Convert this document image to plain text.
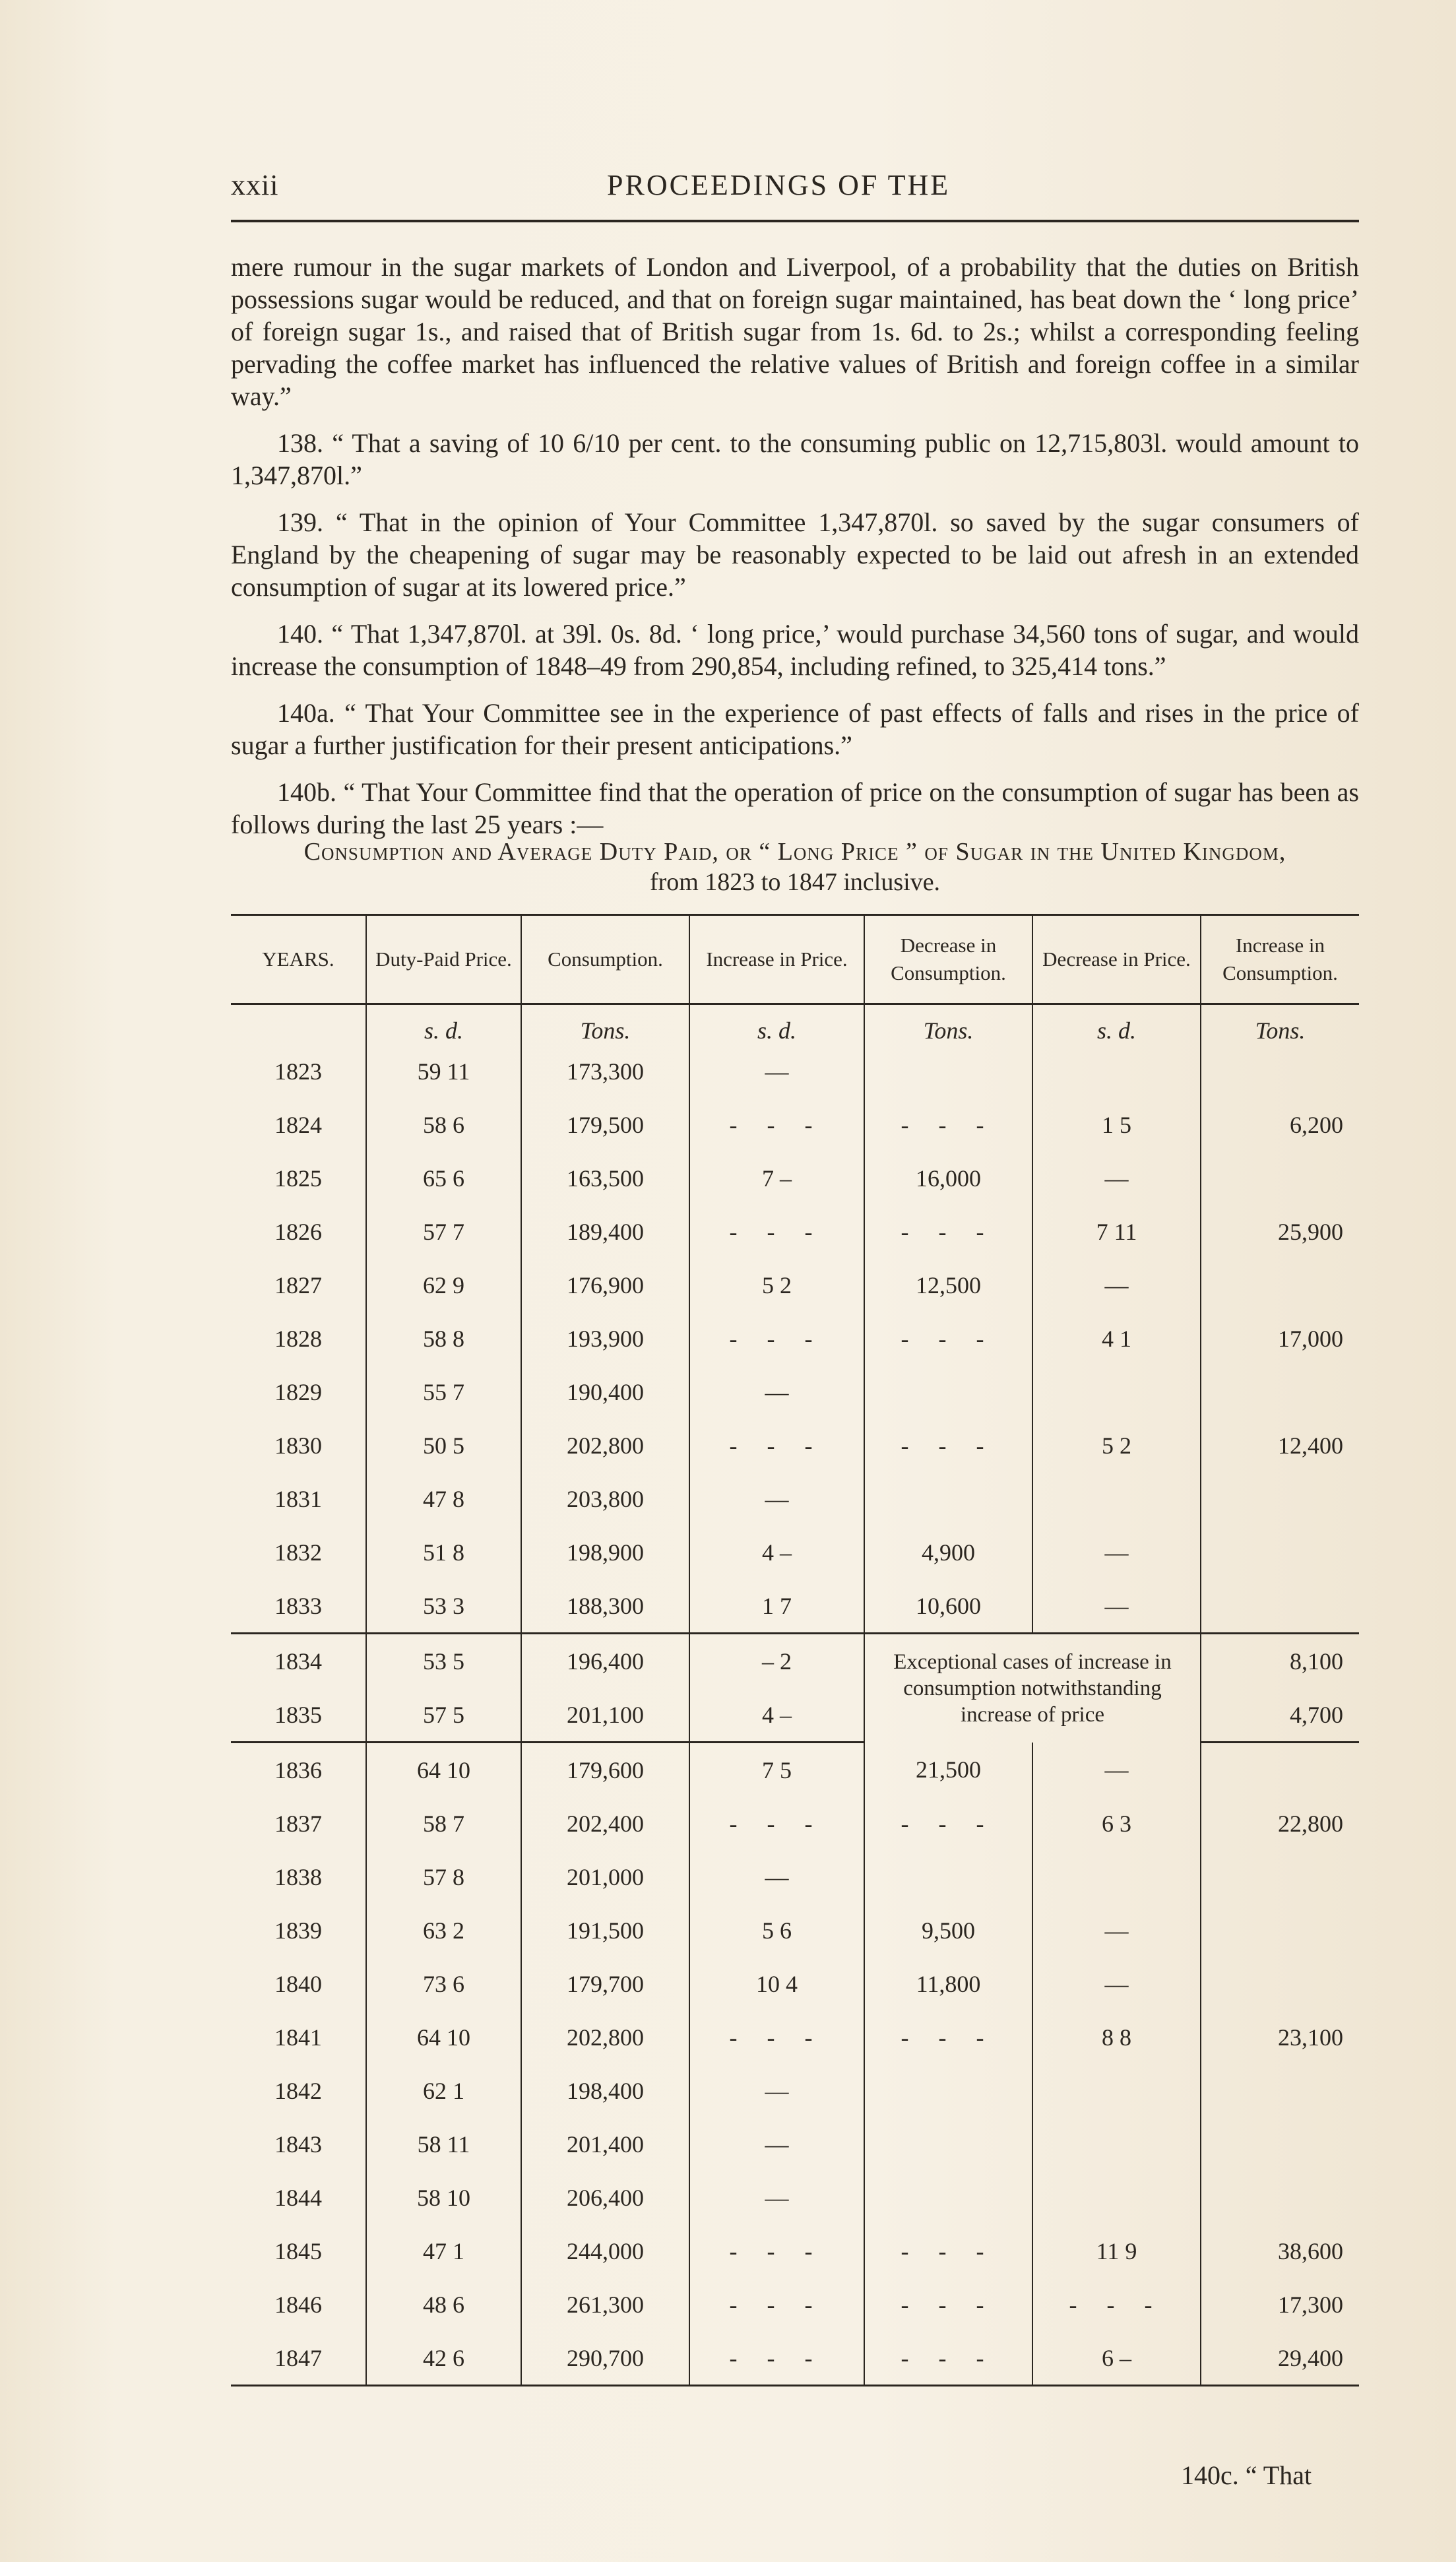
xxii	PROCEEDINGS OF THE

mere rumour in the sugar markets of London and Liverpool, of a probability that the duties on British possessions sugar would be reduced, and that on foreign sugar maintained, has beat down the ‘ long price’ of foreign sugar 1s., and raised that of British sugar from 1s. 6d. to 2s.; whilst a corresponding feeling pervading the coffee market has influenced the relative values of British and foreign coffee in a similar way.”

138. “ That a saving of 10 6/10 per cent. to the consuming public on 12,715,803l. would amount to 1,347,870l.”

139. “ That in the opinion of Your Committee 1,347,870l. so saved by the sugar consumers of England by the cheapening of sugar may be reasonably expected to be laid out afresh in an extended consumption of sugar at its lowered price.”

140. “ That 1,347,870l. at 39l. 0s. 8d. ‘ long price,’ would purchase 34,560 tons of sugar, and would increase the consumption of 1848–49 from 290,854, including refined, to 325,414 tons.”

140a. “ That Your Committee see in the experience of past effects of falls and rises in the price of sugar a further justification for their present anticipations.”

140b. “ That Your Committee find that the operation of price on the consumption of sugar has been as follows during the last 25 years :—

Consumption and Average Duty Paid, or “ Long Price ” of Sugar in the United Kingdom,
from 1823 to 1847 inclusive.
YEARS.	Duty-Paid Price.	Consumption.	Increase in Price.	Decrease in Consumption.	Decrease in Price.	Increase in Consumption.
	s. d.	Tons.	s. d.	Tons.	s. d.	Tons.
1823	59 11	173,300	—			
1824	58 6	179,500	- - -	- - -	1 5	6,200
1825	65 6	163,500	7 –	16,000	—	
1826	57 7	189,400	- - -	- - -	7 11	25,900
1827	62 9	176,900	5 2	12,500	—	
1828	58 8	193,900	- - -	- - -	4 1	17,000
1829	55 7	190,400	—			
1830	50 5	202,800	- - -	- - -	5 2	12,400
1831	47 8	203,800	—			
1832	51 8	198,900	4 –	4,900	—	
1833	53 3	188,300	1 7	10,600	—	
1834	53 5	196,400	– 2	Exceptional cases of increase in consumption notwithstanding increase of price		8,100
1835	57 5	201,100	4 –			4,700
1836	64 10	179,600	7 5	21,500	—	
1837	58 7	202,400	- - -	- - -	6 3	22,800
1838	57 8	201,000	—			
1839	63 2	191,500	5 6	9,500	—	
1840	73 6	179,700	10 4	11,800	—	
1841	64 10	202,800	- - -	- - -	8 8	23,100
1842	62 1	198,400	—			
1843	58 11	201,400	—			
1844	58 10	206,400	—			
1845	47 1	244,000	- - -	- - -	11 9	38,600
1846	48 6	261,300	- - -	- - -	- - -	17,300
1847	42 6	290,700	- - -	- - -	6 –	29,400
140c. “ That
